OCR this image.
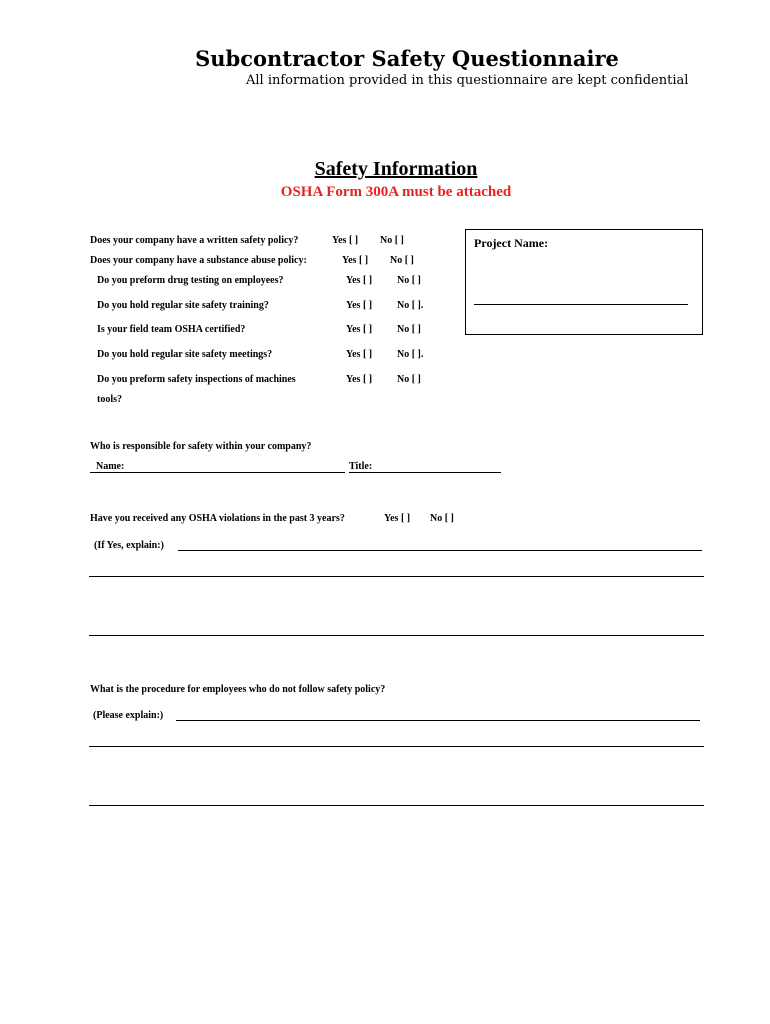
Subcontractor Safety Questionnaire
All information provided in this questionnaire are kept confidential
Safety Information
OSHA Form 300A must be attached
Does your company have a written safety policy?	Yes [ ] No [ ]
Does your company have a substance abuse policy:	Yes [ ] No [ ]
Do you preform drug testing on employees?	Yes [ ] No [ ]
Do you hold regular site safety training?	Yes [ ] No [ ].
Is your field team OSHA certified?	Yes [ ] No [ ]
Do you hold regular site safety meetings?	Yes [ ] No [ ].
Do you preform safety inspections of machines
tools?
Yes [ ] No [ ]
Project Name:
Who is responsible for safety within your company?
Name:	Title:
Have you received any OSHA violations in the past 3 years?	Yes [ ] No [ ]
(If Yes, explain:)
What is the procedure for employees who do not follow safety policy?
(Please explain:)
